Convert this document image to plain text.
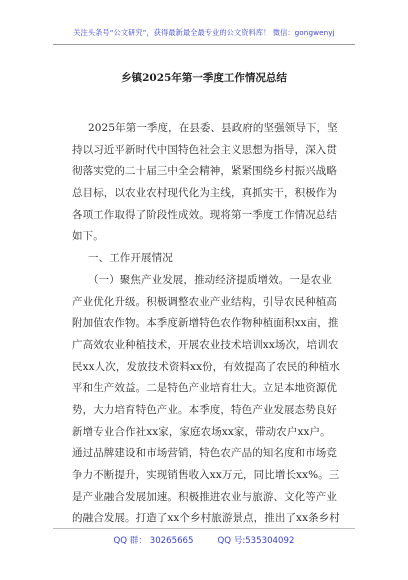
关注头条号“公文研究”，获得最新最全最专业的公文资料库！ 微信：gongwenyj
乡镇2025年第一季度工作情况总结
2025年第一季度，在县委、县政府的坚强领导下，坚
持以习近平新时代中国特色社会主义思想为指导，深入贯
彻落实党的二十届三中全会精神，紧紧围绕乡村振兴战略
总目标，以农业农村现代化为主线，真抓实干，积极作为
各项工作取得了阶段性成效。现将第一季度工作情况总结
如下。
一、工作开展情况
（一）聚焦产业发展，推动经济提质增效。一是农业
产业优化升级。积极调整农业产业结构，引导农民种植高
附加值农作物。本季度新增特色农作物种植面积xx亩，推
广高效农业种植技术，开展农业技术培训xx场次，培训农
民xx人次，发放技术资料xx份，有效提高了农民的种植水
平和生产效益。二是特色产业培育壮大。立足本地资源优
势，大力培育特色产业。本季度，特色产业发展态势良好
新增专业合作社xx家，家庭农场xx家，带动农户xx户。
通过品牌建设和市场营销，特色农产品的知名度和市场竞
争力不断提升，实现销售收入xx万元，同比增长xx%。三
是产业融合发展加速。积极推进农业与旅游、文化等产业
的融合发展。打造了xx个乡村旅游景点，推出了xx条乡村
QQ 群： 30265665	QQ 号:535304092
